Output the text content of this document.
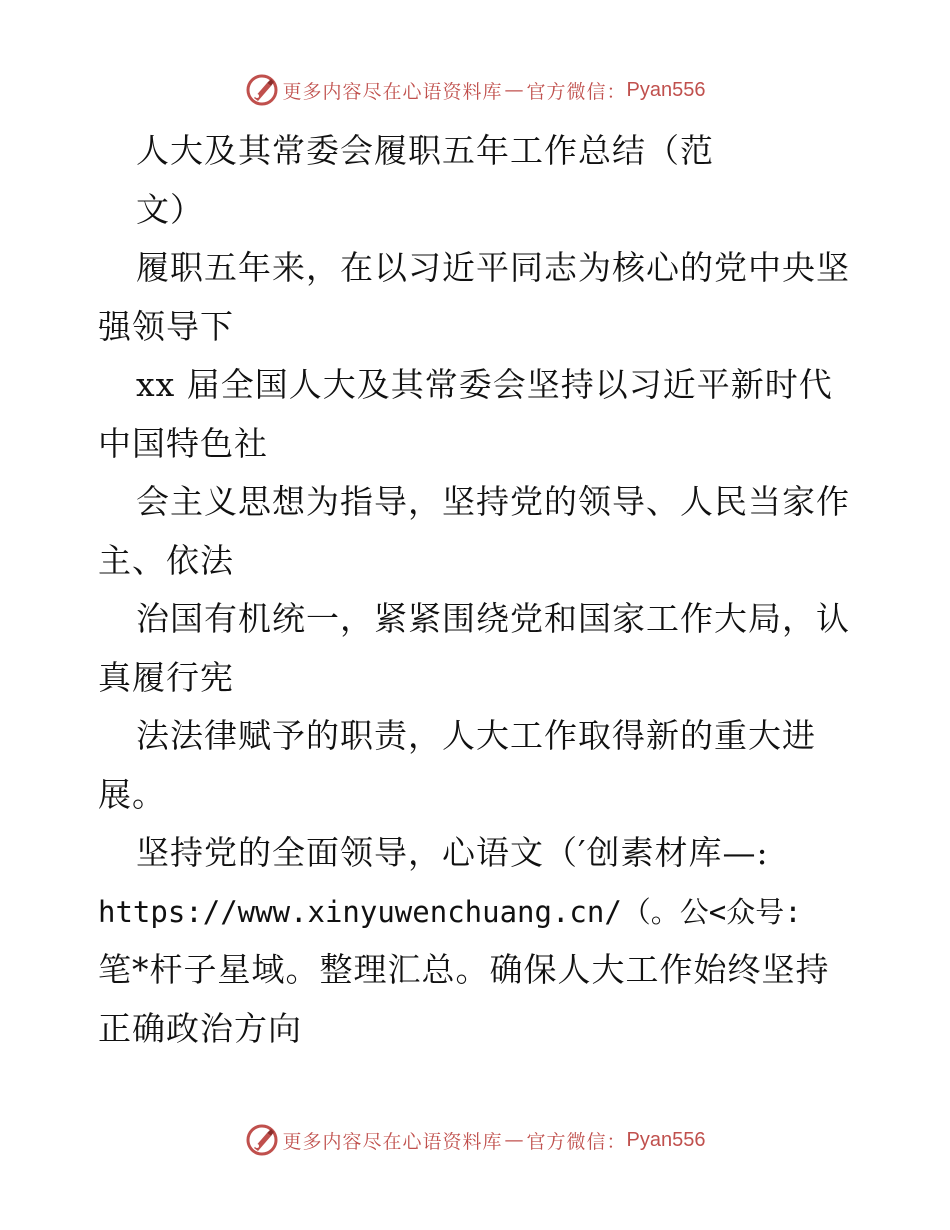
更多内容尽在心语资料库 — 官方微信： Pyan556
人大及其常委会履职五年工作总结（范
文）
履职五年来，在以习近平同志为核心的党中央坚
强领导下
xx 届全国人大及其常委会坚持以习近平新时代
中国特色社
会主义思想为指导，坚持党的领导、人民当家作
主、依法
治国有机统一，紧紧围绕党和国家工作大局，认
真履行宪
法法律赋予的职责，人大工作取得新的重大进
展。
坚持党的全面领导，心语文（′创素材库—:
https://www.xinyuwenchuang.cn/（。公<众号:
笔*杆子星域。整理汇总。确保人大工作始终坚持
正确政治方向
更多内容尽在心语资料库 — 官方微信： Pyan556
